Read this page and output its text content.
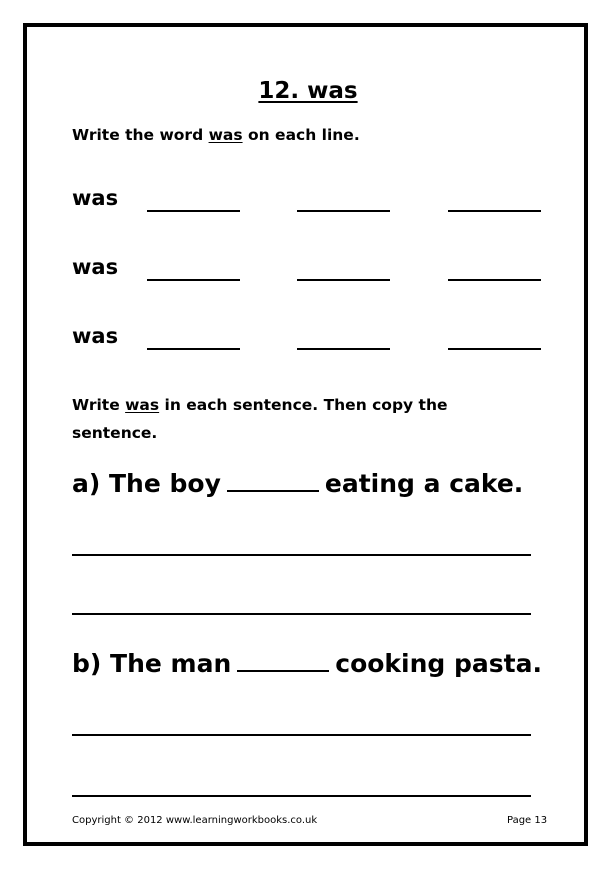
12. was
Write the word was on each line.
was
was
was
Write was in each sentence. Then copy the
sentence.
a) The boy	eating a cake.
b) The man	cooking pasta.
Copyright © 2012 www.learningworkbooks.co.uk	Page 13
